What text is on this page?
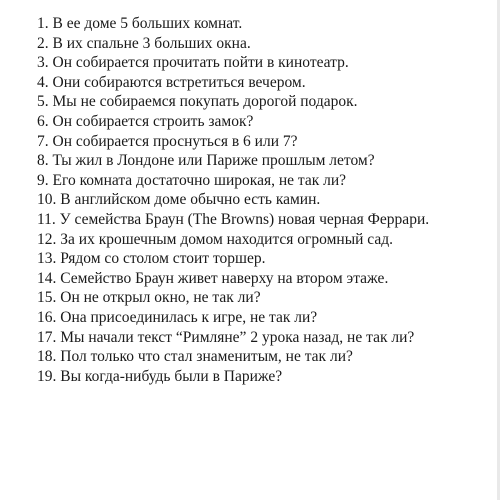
1. В ее доме 5 больших комнат.
2. В их спальне 3 больших окна.
3. Он собирается прочитать пойти в кинотеатр.
4. Они собираются встретиться вечером.
5. Мы не собираемся покупать дорогой подарок.
6. Он собирается строить замок?
7. Он собирается проснуться в 6 или 7?
8. Ты жил в Лондоне или Париже прошлым летом?
9. Его комната достаточно широкая, не так ли?
10. В английском доме обычно есть камин.
11. У семейства Браун (The Browns) новая черная Феррари.
12. За их крошечным домом находится огромный сад.
13. Рядом со столом стоит торшер.
14. Семейство Браун живет наверху на втором этаже.
15. Он не открыл окно, не так ли?
16. Она присоединилась к игре, не так ли?
17. Мы начали текст “Римляне” 2 урока назад, не так ли?
18. Пол только что стал знаменитым, не так ли?
19. Вы когда-нибудь были в Париже?
